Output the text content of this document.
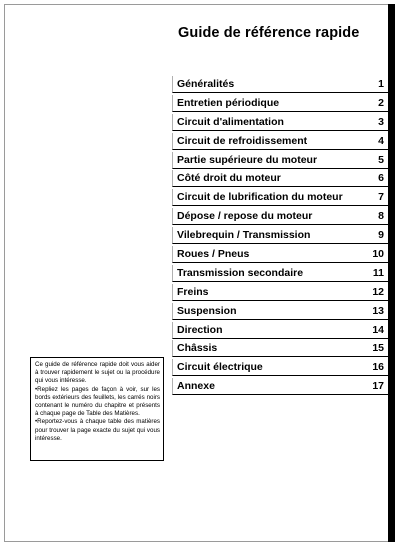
Guide de référence rapide
Généralités	1
Entretien périodique	2
Circuit d'alimentation	3
Circuit de refroidissement	4
Partie supérieure du moteur	5
Côté droit du moteur	6
Circuit de lubrification du moteur	7
Dépose / repose du moteur	8
Vilebrequin / Transmission	9
Roues / Pneus	10
Transmission secondaire	11
Freins	12
Suspension	13
Direction	14
Châssis	15
Circuit électrique	16
Annexe	17

Ce guide de référence rapide doit vous aider à trouver rapidement le sujet ou la procédure qui vous intéresse.

•Repliez les pages de façon à voir, sur les bords extérieurs des feuillets, les carrés noirs contenant le numéro du chapitre et présents à chaque page de Table des Matières.

•Reportez-vous à chaque table des matières pour trouver la page exacte du sujet qui vous intéresse.
